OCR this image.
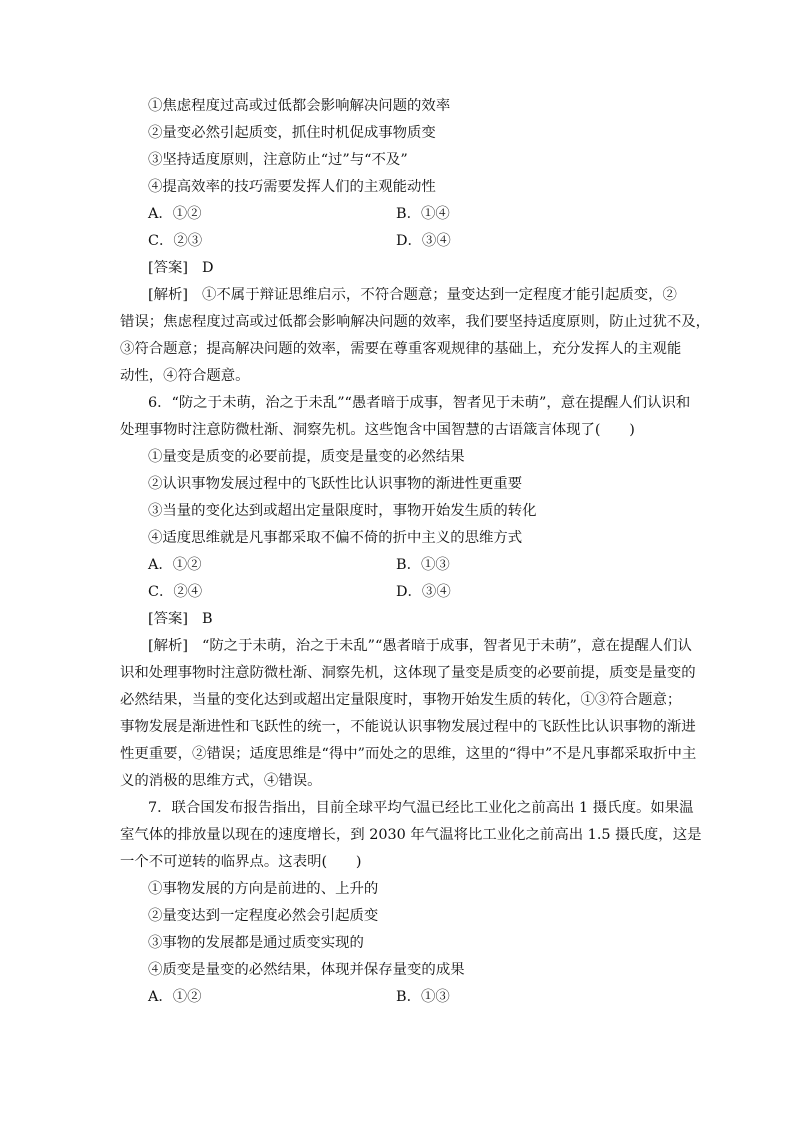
①焦虑程度过高或过低都会影响解决问题的效率
②量变必然引起质变，抓住时机促成事物质变
③坚持适度原则，注意防止“过”与“不及”
④提高效率的技巧需要发挥人们的主观能动性
A．①②	B．①④
C．②③	D．③④
[答案] D
[解析] ①不属于辩证思维启示，不符合题意；量变达到一定程度才能引起质变，②
错误；焦虑程度过高或过低都会影响解决问题的效率，我们要坚持适度原则，防止过犹不及，
③符合题意；提高解决问题的效率，需要在尊重客观规律的基础上，充分发挥人的主观能
动性，④符合题意。
6．“防之于未萌，治之于未乱”“愚者暗于成事，智者见于未萌”，意在提醒人们认识和
处理事物时注意防微杜渐、洞察先机。这些饱含中国智慧的古语箴言体现了(　　)
①量变是质变的必要前提，质变是量变的必然结果
②认识事物发展过程中的飞跃性比认识事物的渐进性更重要
③当量的变化达到或超出定量限度时，事物开始发生质的转化
④适度思维就是凡事都采取不偏不倚的折中主义的思维方式
A．①②	B．①③
C．②④	D．③④
[答案] B
[解析] “防之于未萌，治之于未乱”“愚者暗于成事，智者见于未萌”，意在提醒人们认
识和处理事物时注意防微杜渐、洞察先机，这体现了量变是质变的必要前提，质变是量变的
必然结果，当量的变化达到或超出定量限度时，事物开始发生质的转化，①③符合题意；
事物发展是渐进性和飞跃性的统一，不能说认识事物发展过程中的飞跃性比认识事物的渐进
性更重要，②错误；适度思维是“得中”而处之的思维，这里的“得中”不是凡事都采取折中主
义的消极的思维方式，④错误。
7．联合国发布报告指出，目前全球平均气温已经比工业化之前高出 1 摄氏度。如果温
室气体的排放量以现在的速度增长，到 2030 年气温将比工业化之前高出 1.5 摄氏度，这是
一个不可逆转的临界点。这表明(　　)
①事物发展的方向是前进的、上升的
②量变达到一定程度必然会引起质变
③事物的发展都是通过质变实现的
④质变是量变的必然结果，体现并保存量变的成果
A．①②	B．①③
